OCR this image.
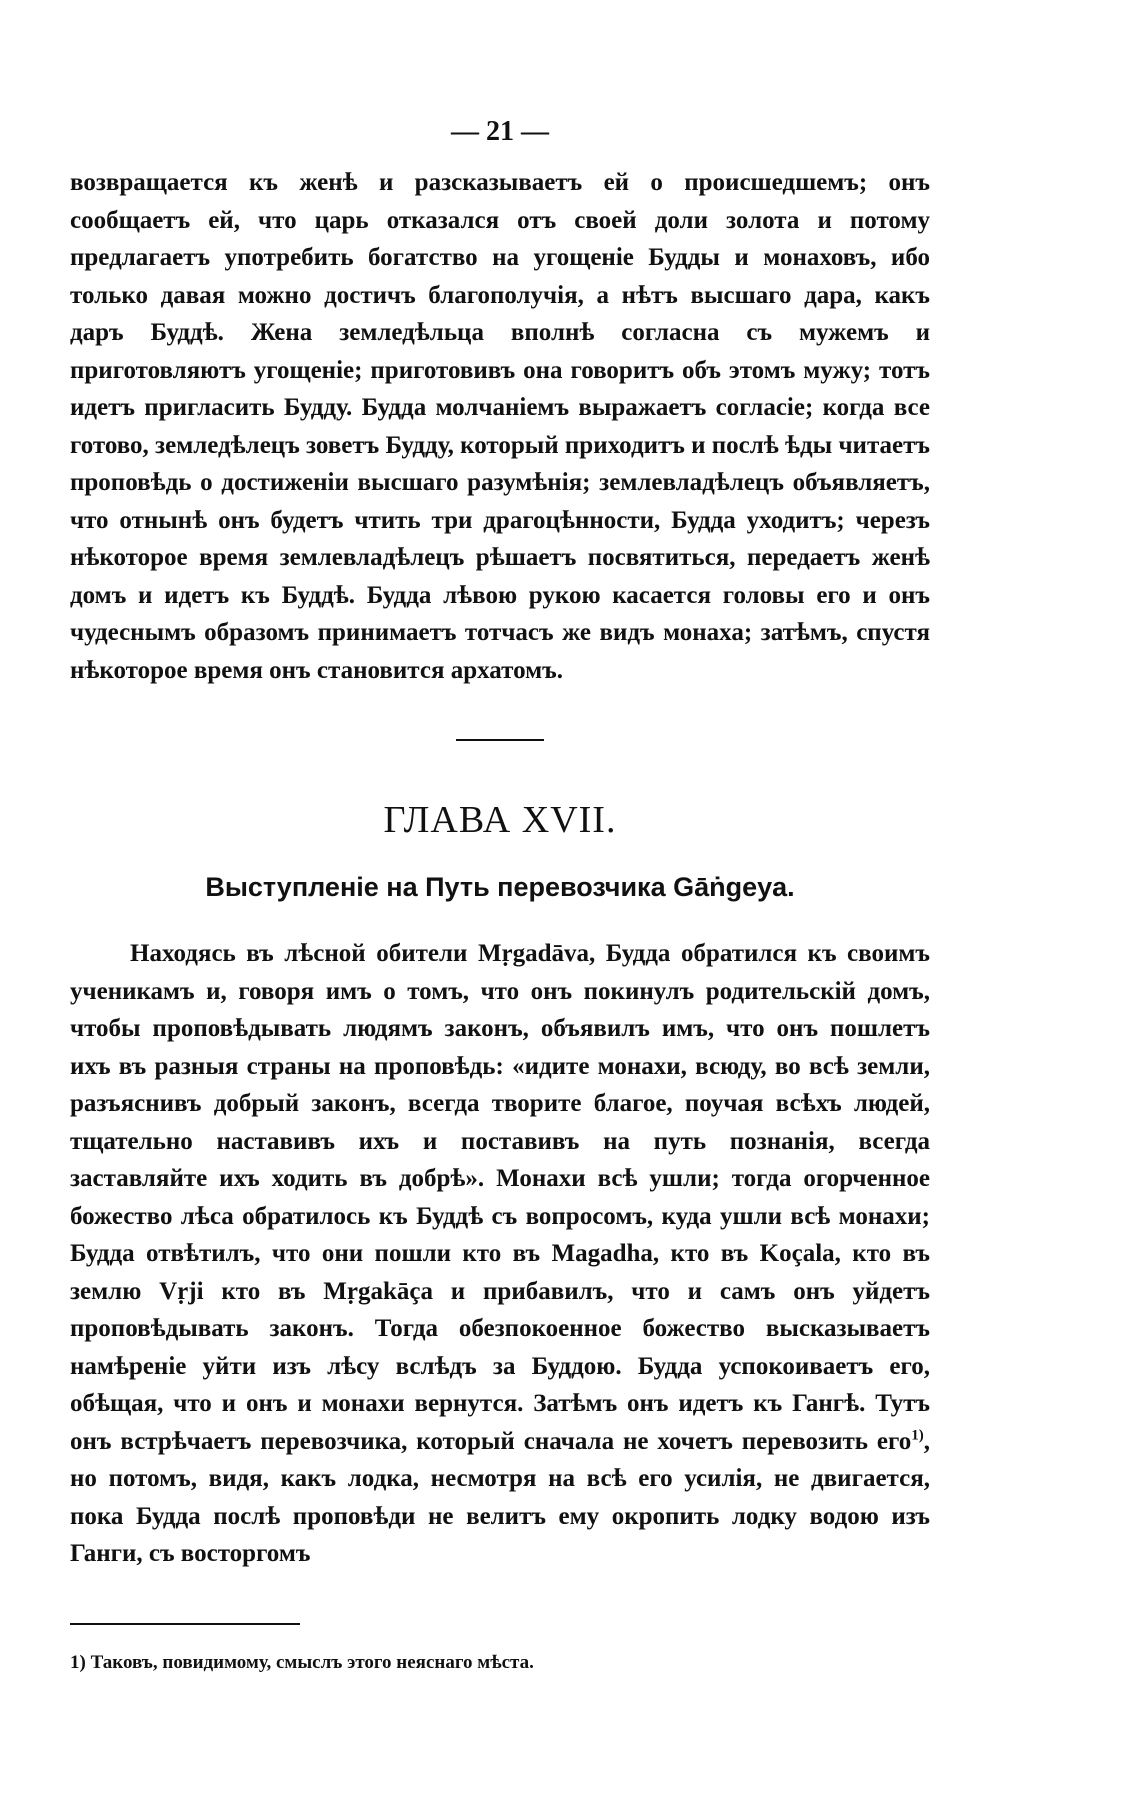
— 21 —

возвращается къ женѣ и разсказываетъ ей о происшедшемъ; онъ сообщаетъ ей, что царь отказался отъ своей доли золота и потому предлагаетъ употребить богатство на угощеніе Будды и монаховъ, ибо только давая можно достичъ благополучія, а нѣтъ высшаго дара, какъ даръ Буддѣ. Жена земледѣльца вполнѣ согласна съ мужемъ и приготовляютъ угощеніе; приготовивъ она говоритъ объ этомъ мужу; тотъ идетъ пригласить Будду. Будда молчаніемъ выражаетъ согласіе; когда все готово, земледѣлецъ зоветъ Будду, который приходитъ и послѣ ѣды читаетъ проповѣдь о достиженіи высшаго разумѣнія; землевладѣлецъ объявляетъ, что отнынѣ онъ будетъ чтить три драгоцѣнности, Будда уходитъ; черезъ нѣкоторое время землевладѣлецъ рѣшаетъ посвятиться, передаетъ женѣ домъ и идетъ къ Буддѣ. Будда лѣвою рукою касается головы его и онъ чудеснымъ образомъ принимаетъ тотчасъ же видъ монаха; затѣмъ, спустя нѣкоторое время онъ становится архатомъ.

ГЛАВА XVII.
Выступленіе на Путь перевозчика Gāṅgeya.

Находясь въ лѣсной обители Mṛgadāva, Будда обратился къ своимъ ученикамъ и, говоря имъ о томъ, что онъ покинулъ родительскій домъ, чтобы проповѣдывать людямъ законъ, объявилъ имъ, что онъ пошлетъ ихъ въ разныя страны на проповѣдь: «идите монахи, всюду, во всѣ земли, разъяснивъ добрый законъ, всегда творите благое, поучая всѣхъ людей, тщательно наставивъ ихъ и поставивъ на путь познанія, всегда заставляйте ихъ ходить въ добрѣ». Монахи всѣ ушли; тогда огорченное божество лѣса обратилось къ Буддѣ съ вопросомъ, куда ушли всѣ монахи; Будда отвѣтилъ, что они пошли кто въ Magadha, кто въ Koçala, кто въ землю Vṛji кто въ Mṛgakāça и прибавилъ, что и самъ онъ уйдетъ проповѣдывать законъ. Тогда обезпокоенное божество высказываетъ намѣреніе уйти изъ лѣсу вслѣдъ за Буддою. Будда успокоиваетъ его, обѣщая, что и онъ и монахи вернутся. Затѣмъ онъ идетъ къ Гангѣ. Тутъ онъ встрѣчаетъ перевозчика, который сначала не хочетъ перевозить его$^{1)}$, но потомъ, видя, какъ лодка, несмотря на всѣ его усилія, не двигается, пока Будда послѣ проповѣди не велитъ ему окропить лодку водою изъ Ганги, съ восторгомъ

1) Таковъ, повидимому, смыслъ этого неяснаго мѣста.
